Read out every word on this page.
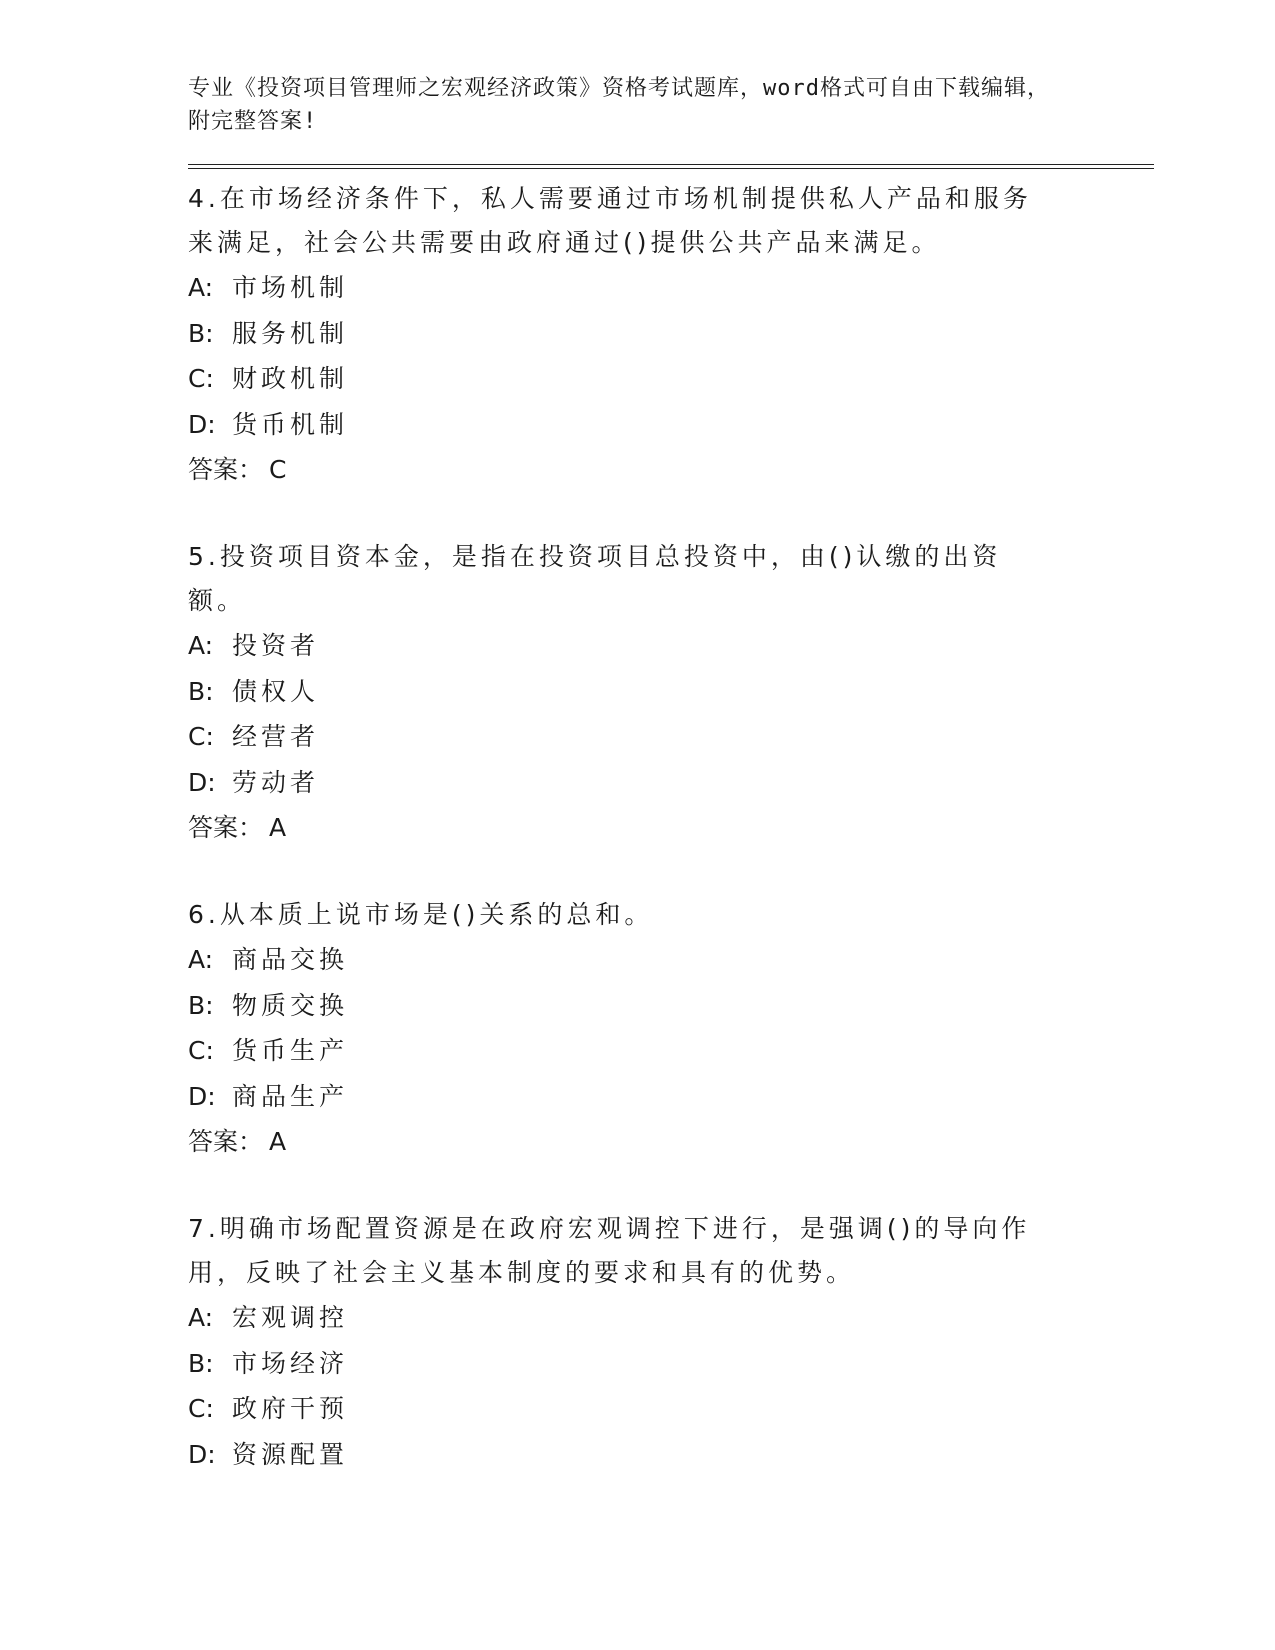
专业《投资项目管理师之宏观经济政策》资格考试题库，word格式可自由下载编辑，附完整答案!
4.在市场经济条件下，私人需要通过市场机制提供私人产品和服务来满足，社会公共需要由政府通过()提供公共产品来满足。
A: 市场机制
B: 服务机制
C: 财政机制
D: 货币机制
答案： C
5.投资项目资本金，是指在投资项目总投资中，由()认缴的出资额。
A: 投资者
B: 债权人
C: 经营者
D: 劳动者
答案： A
6.从本质上说市场是()关系的总和。
A: 商品交换
B: 物质交换
C: 货币生产
D: 商品生产
答案： A
7.明确市场配置资源是在政府宏观调控下进行，是强调()的导向作用，反映了社会主义基本制度的要求和具有的优势。
A: 宏观调控
B: 市场经济
C: 政府干预
D: 资源配置
